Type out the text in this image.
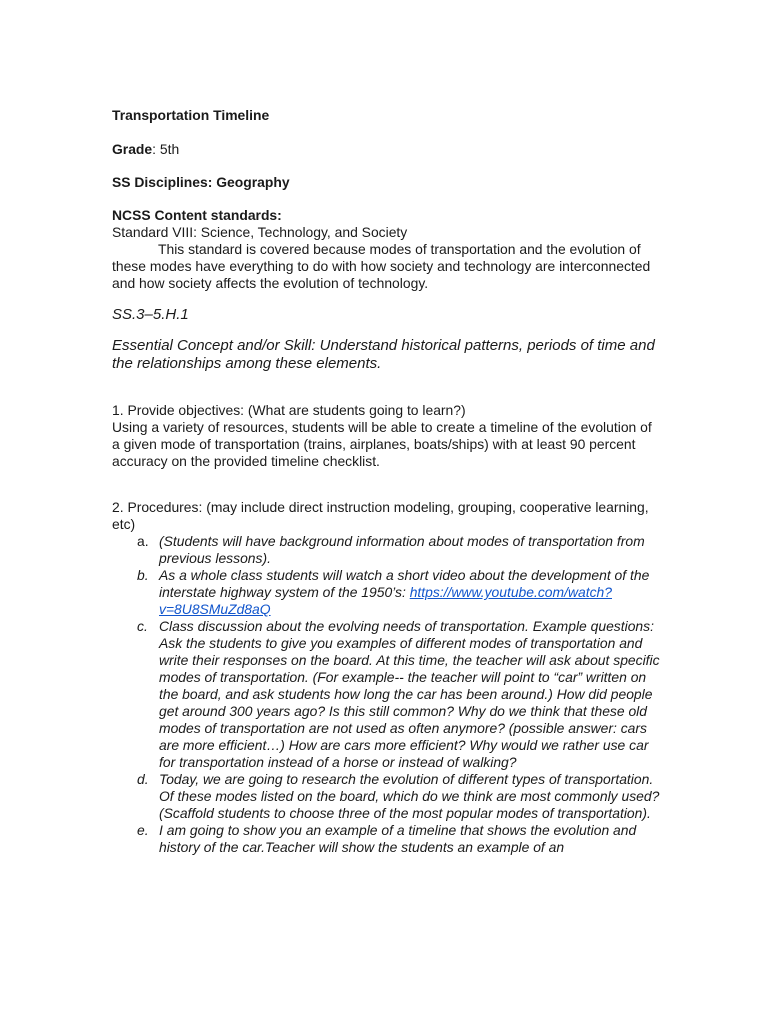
Transportation Timeline

Grade: 5th

SS Disciplines: Geography

NCSS Content standards:

Standard VIII: Science, Technology, and Society

This standard is covered because modes of transportation and the evolution of these modes have everything to do with how society and technology are interconnected and how society affects the evolution of technology.

SS.3–5.H.1

Essential Concept and/or Skill: Understand historical patterns, periods of time and the relationships among these elements.

1. Provide objectives: (What are students going to learn?)

Using a variety of resources, students will be able to create a timeline of the evolution of a given mode of transportation (trains, airplanes, boats/ships) with at least 90 percent accuracy on the provided timeline checklist.

2. Procedures: (may include direct instruction modeling, grouping, cooperative learning, etc)

a. (Students will have background information about modes of transportation from previous lessons).
b. As a whole class students will watch a short video about the development of the interstate highway system of the 1950’s: https://www.youtube.com/watch?v=8U8SMuZd8aQ
c. Class discussion about the evolving needs of transportation. Example questions: Ask the students to give you examples of different modes of transportation and write their responses on the board. At this time, the teacher will ask about specific modes of transportation. (For example-- the teacher will point to “car” written on the board, and ask students how long the car has been around.) How did people get around 300 years ago? Is this still common? Why do we think that these old modes of transportation are not used as often anymore? (possible answer: cars are more efficient…) How are cars more efficient? Why would we rather use car for transportation instead of a horse or instead of walking?
d. Today, we are going to research the evolution of different types of transportation. Of these modes listed on the board, which do we think are most commonly used? (Scaffold students to choose three of the most popular modes of transportation).
e. I am going to show you an example of a timeline that shows the evolution and history of the car.Teacher will show the students an example of an
